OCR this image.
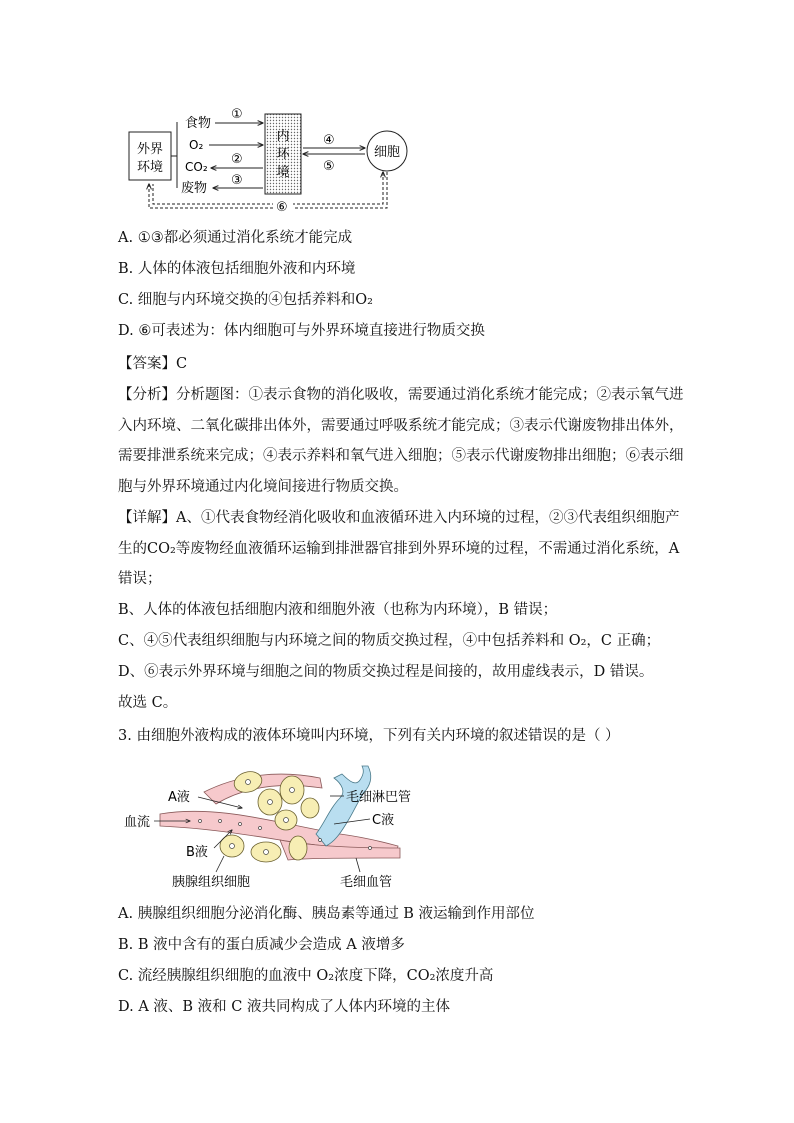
外界
环境
食物
O₂
CO₂
废物
①
②
③
内
环
境
④
⑤
细胞
⑥
A. ①③都必须通过消化系统才能完成
B. 人体的体液包括细胞外液和内环境
C. 细胞与内环境交换的④包括养料和O₂
D. ⑥可表述为：体内细胞可与外界环境直接进行物质交换
【答案】C
【分析】分析题图：①表示食物的消化吸收，需要通过消化系统才能完成；②表示氧气进
入内环境、二氧化碳排出体外，需要通过呼吸系统才能完成；③表示代谢废物排出体外，
需要排泄系统来完成；④表示养料和氧气进入细胞；⑤表示代谢废物排出细胞；⑥表示细
胞与外界环境通过内化境间接进行物质交换。
【详解】A、①代表食物经消化吸收和血液循环进入内环境的过程，②③代表组织细胞产
生的CO₂等废物经血液循环运输到排泄器官排到外界环境的过程，不需通过消化系统，A
错误；
B、人体的体液包括细胞内液和细胞外液（也称为内环境），B 错误；
C、④⑤代表组织细胞与内环境之间的物质交换过程，④中包括养料和 O₂，C 正确；
D、⑥表示外界环境与细胞之间的物质交换过程是间接的，故用虚线表示，D 错误。
故选 C。
3. 由细胞外液构成的液体环境叫内环境，下列有关内环境的叙述错误的是（ ）
A液
血流
B液
胰腺组织细胞
毛细淋巴管
C液
毛细血管
A. 胰腺组织细胞分泌消化酶、胰岛素等通过 B 液运输到作用部位
B. B 液中含有的蛋白质减少会造成 A 液增多
C. 流经胰腺组织细胞的血液中 O₂浓度下降，CO₂浓度升高
D. A 液、B 液和 C 液共同构成了人体内环境的主体
